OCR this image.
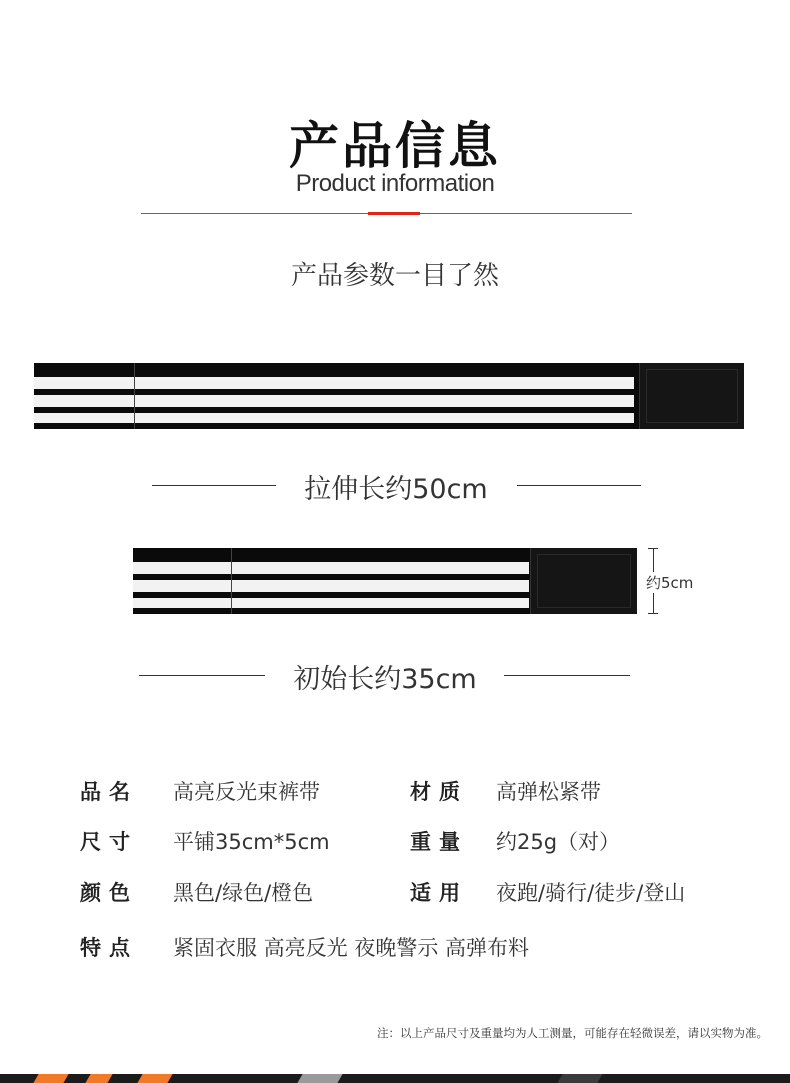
产品信息
Product information
产品参数一目了然
拉伸长约50cm
约5cm
初始长约35cm
品名 高亮反光束裤带	材质 高弹松紧带
尺寸 平铺35cm*5cm	重量 约25g（对）
颜色 黑色/绿色/橙色	适用 夜跑/骑行/徒步/登山
特点 紧固衣服 高亮反光 夜晚警示 高弹布料
注：以上产品尺寸及重量均为人工测量，可能存在轻微误差，请以实物为准。
